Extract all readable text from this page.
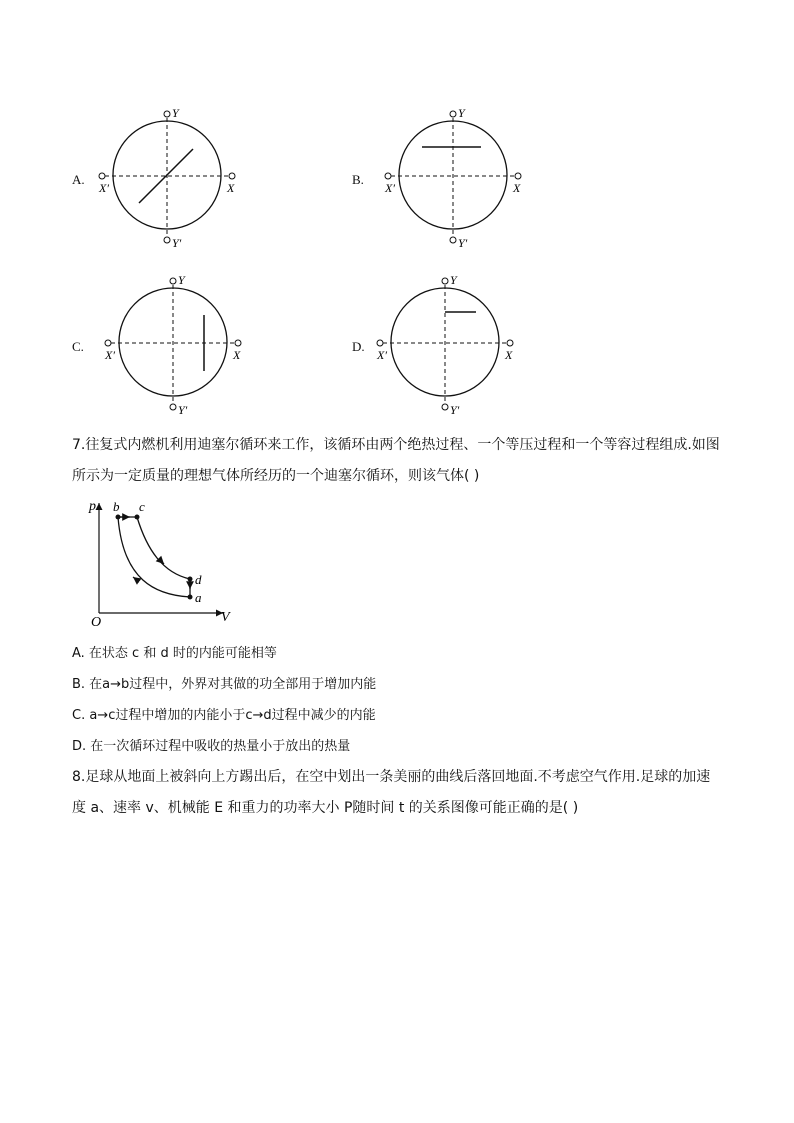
A.
Y
Y′
X′	X
B.
Y
Y′
X′	X
C.
Y
Y′
X′	X
D.
Y
Y′
X′	X
7.往复式内燃机利用迪塞尔循环来工作，该循环由两个绝热过程、一个等压过程和一个等容过程组成.如图
所示为一定质量的理想气体所经历的一个迪塞尔循环，则该气体( )
p
V
O
b c
d
a
A. 在状态 c 和 d 时的内能可能相等
B. 在a→b过程中，外界对其做的功全部用于增加内能
C. a→c过程中增加的内能小于c→d过程中减少的内能
D. 在一次循环过程中吸收的热量小于放出的热量
8.足球从地面上被斜向上方踢出后，在空中划出一条美丽的曲线后落回地面.不考虑空气作用.足球的加速
度 a、速率 v、机械能 E 和重力的功率大小 P随时间 t 的关系图像可能正确的是( )
